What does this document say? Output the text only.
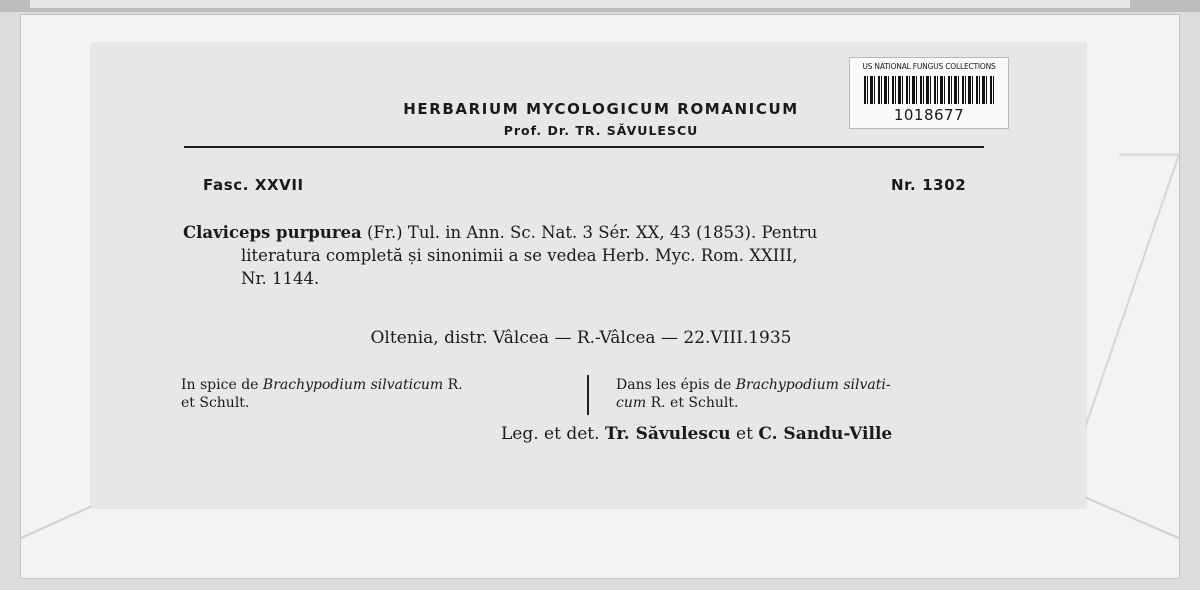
US NATIONAL FUNGUS COLLECTIONS
1018677
HERBARIUM MYCOLOGICUM ROMANICUM
Prof. Dr. TR. SĂVULESCU
Fasc. XXVII	Nr. 1302
Claviceps purpurea (Fr.) Tul. in Ann. Sc. Nat. 3 Sér. XX, 43 (1853). Pentru
literatura completă și sinonimii a se vedea Herb. Myc. Rom. XXIII,
Nr. 1144.
Oltenia, distr. Vâlcea — R.-Vâlcea — 22.VIII.1935
In spice de Brachypodium silvaticum R.
et Schult.
Dans les épis de Brachypodium silvati-
cum R. et Schult.
Leg. et det. Tr. Săvulescu et C. Sandu-Ville
